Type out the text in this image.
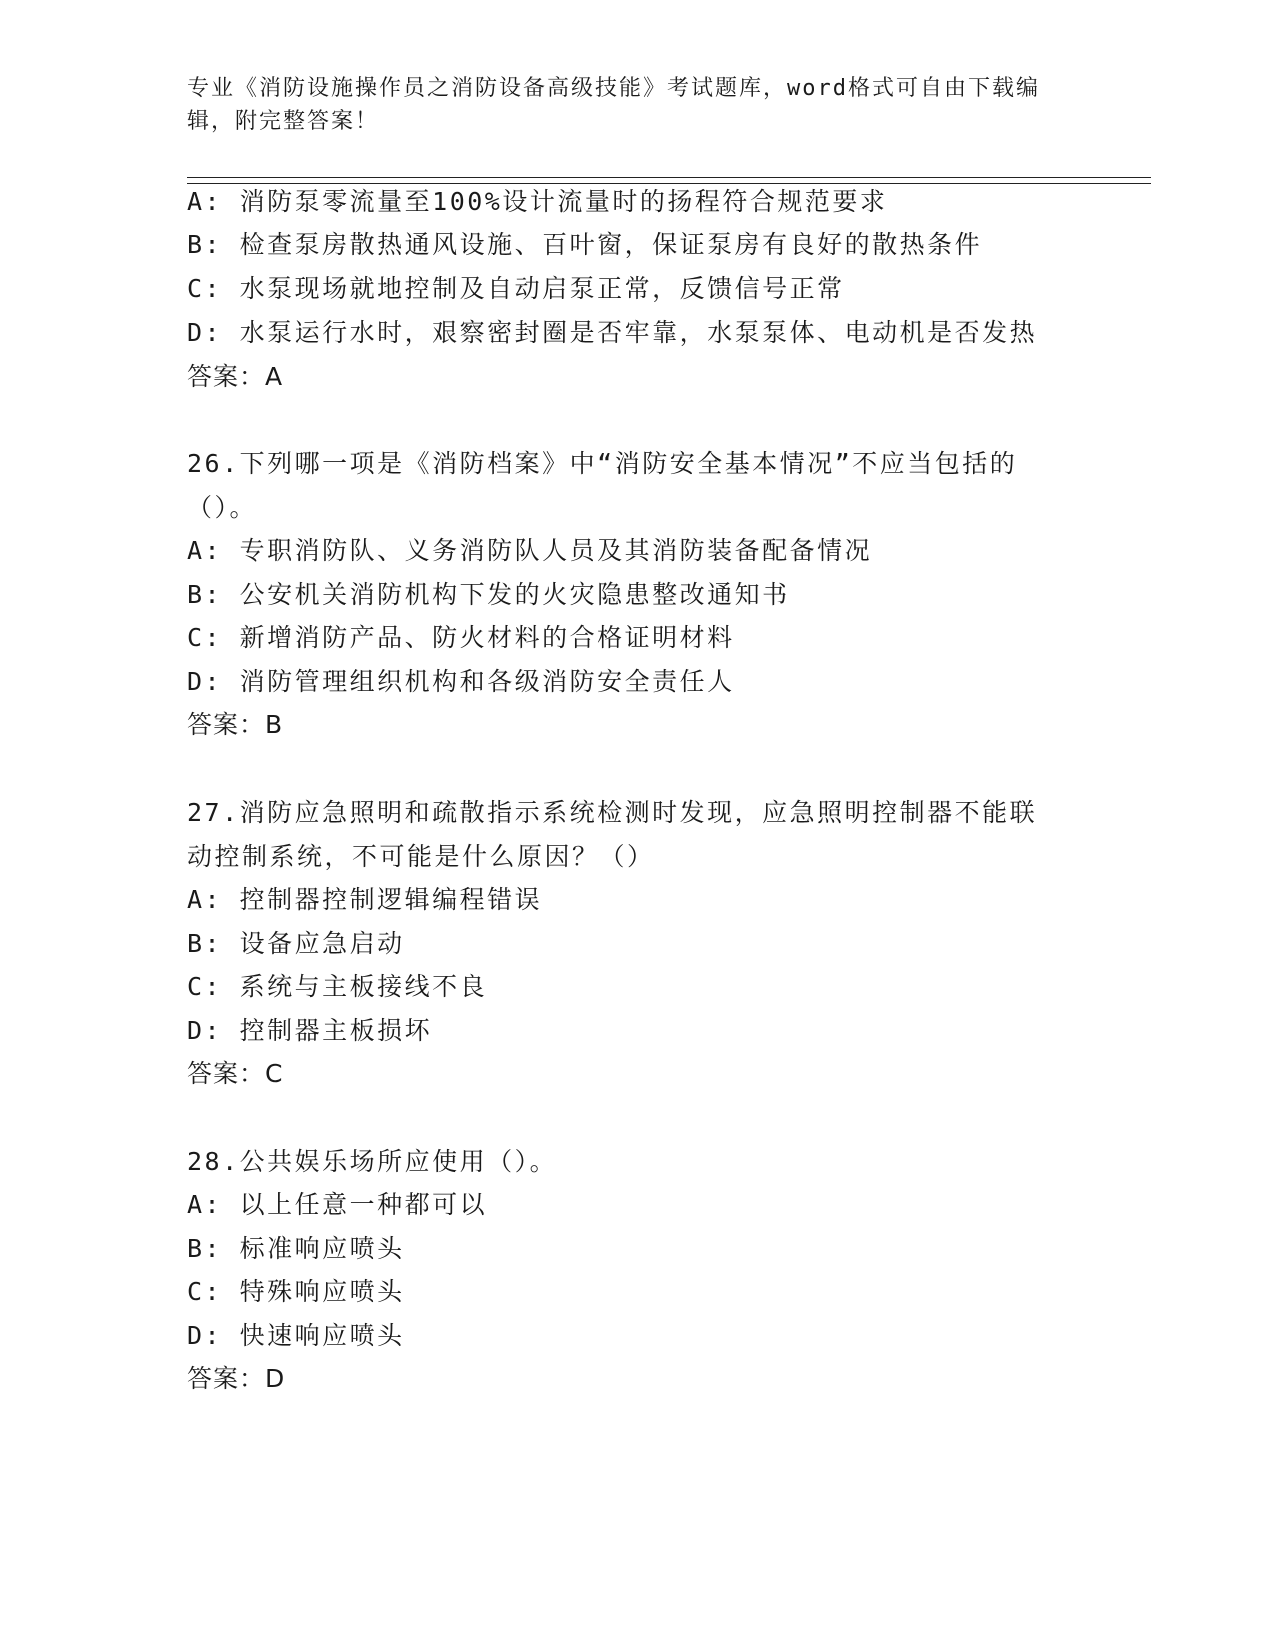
专业《消防设施操作员之消防设备高级技能》考试题库，word格式可自由下载编
辑，附完整答案！
A: 消防泵零流量至100%设计流量时的扬程符合规范要求
B: 检查泵房散热通风设施、百叶窗，保证泵房有良好的散热条件
C: 水泵现场就地控制及自动启泵正常，反馈信号正常
D: 水泵运行水时，艰察密封圈是否牢靠，水泵泵体、电动机是否发热
答案：A
26.下列哪一项是《消防档案》中“消防安全基本情况”不应当包括的
（）。
A: 专职消防队、义务消防队人员及其消防装备配备情况
B: 公安机关消防机构下发的火灾隐患整改通知书
C: 新增消防产品、防火材料的合格证明材料
D: 消防管理组织机构和各级消防安全责任人
答案：B
27.消防应急照明和疏散指示系统检测时发现，应急照明控制器不能联
动控制系统，不可能是什么原因？（）
A: 控制器控制逻辑编程错误
B: 设备应急启动
C: 系统与主板接线不良
D: 控制器主板损坏
答案：C
28.公共娱乐场所应使用（）。
A: 以上任意一种都可以
B: 标准响应喷头
C: 特殊响应喷头
D: 快速响应喷头
答案：D
